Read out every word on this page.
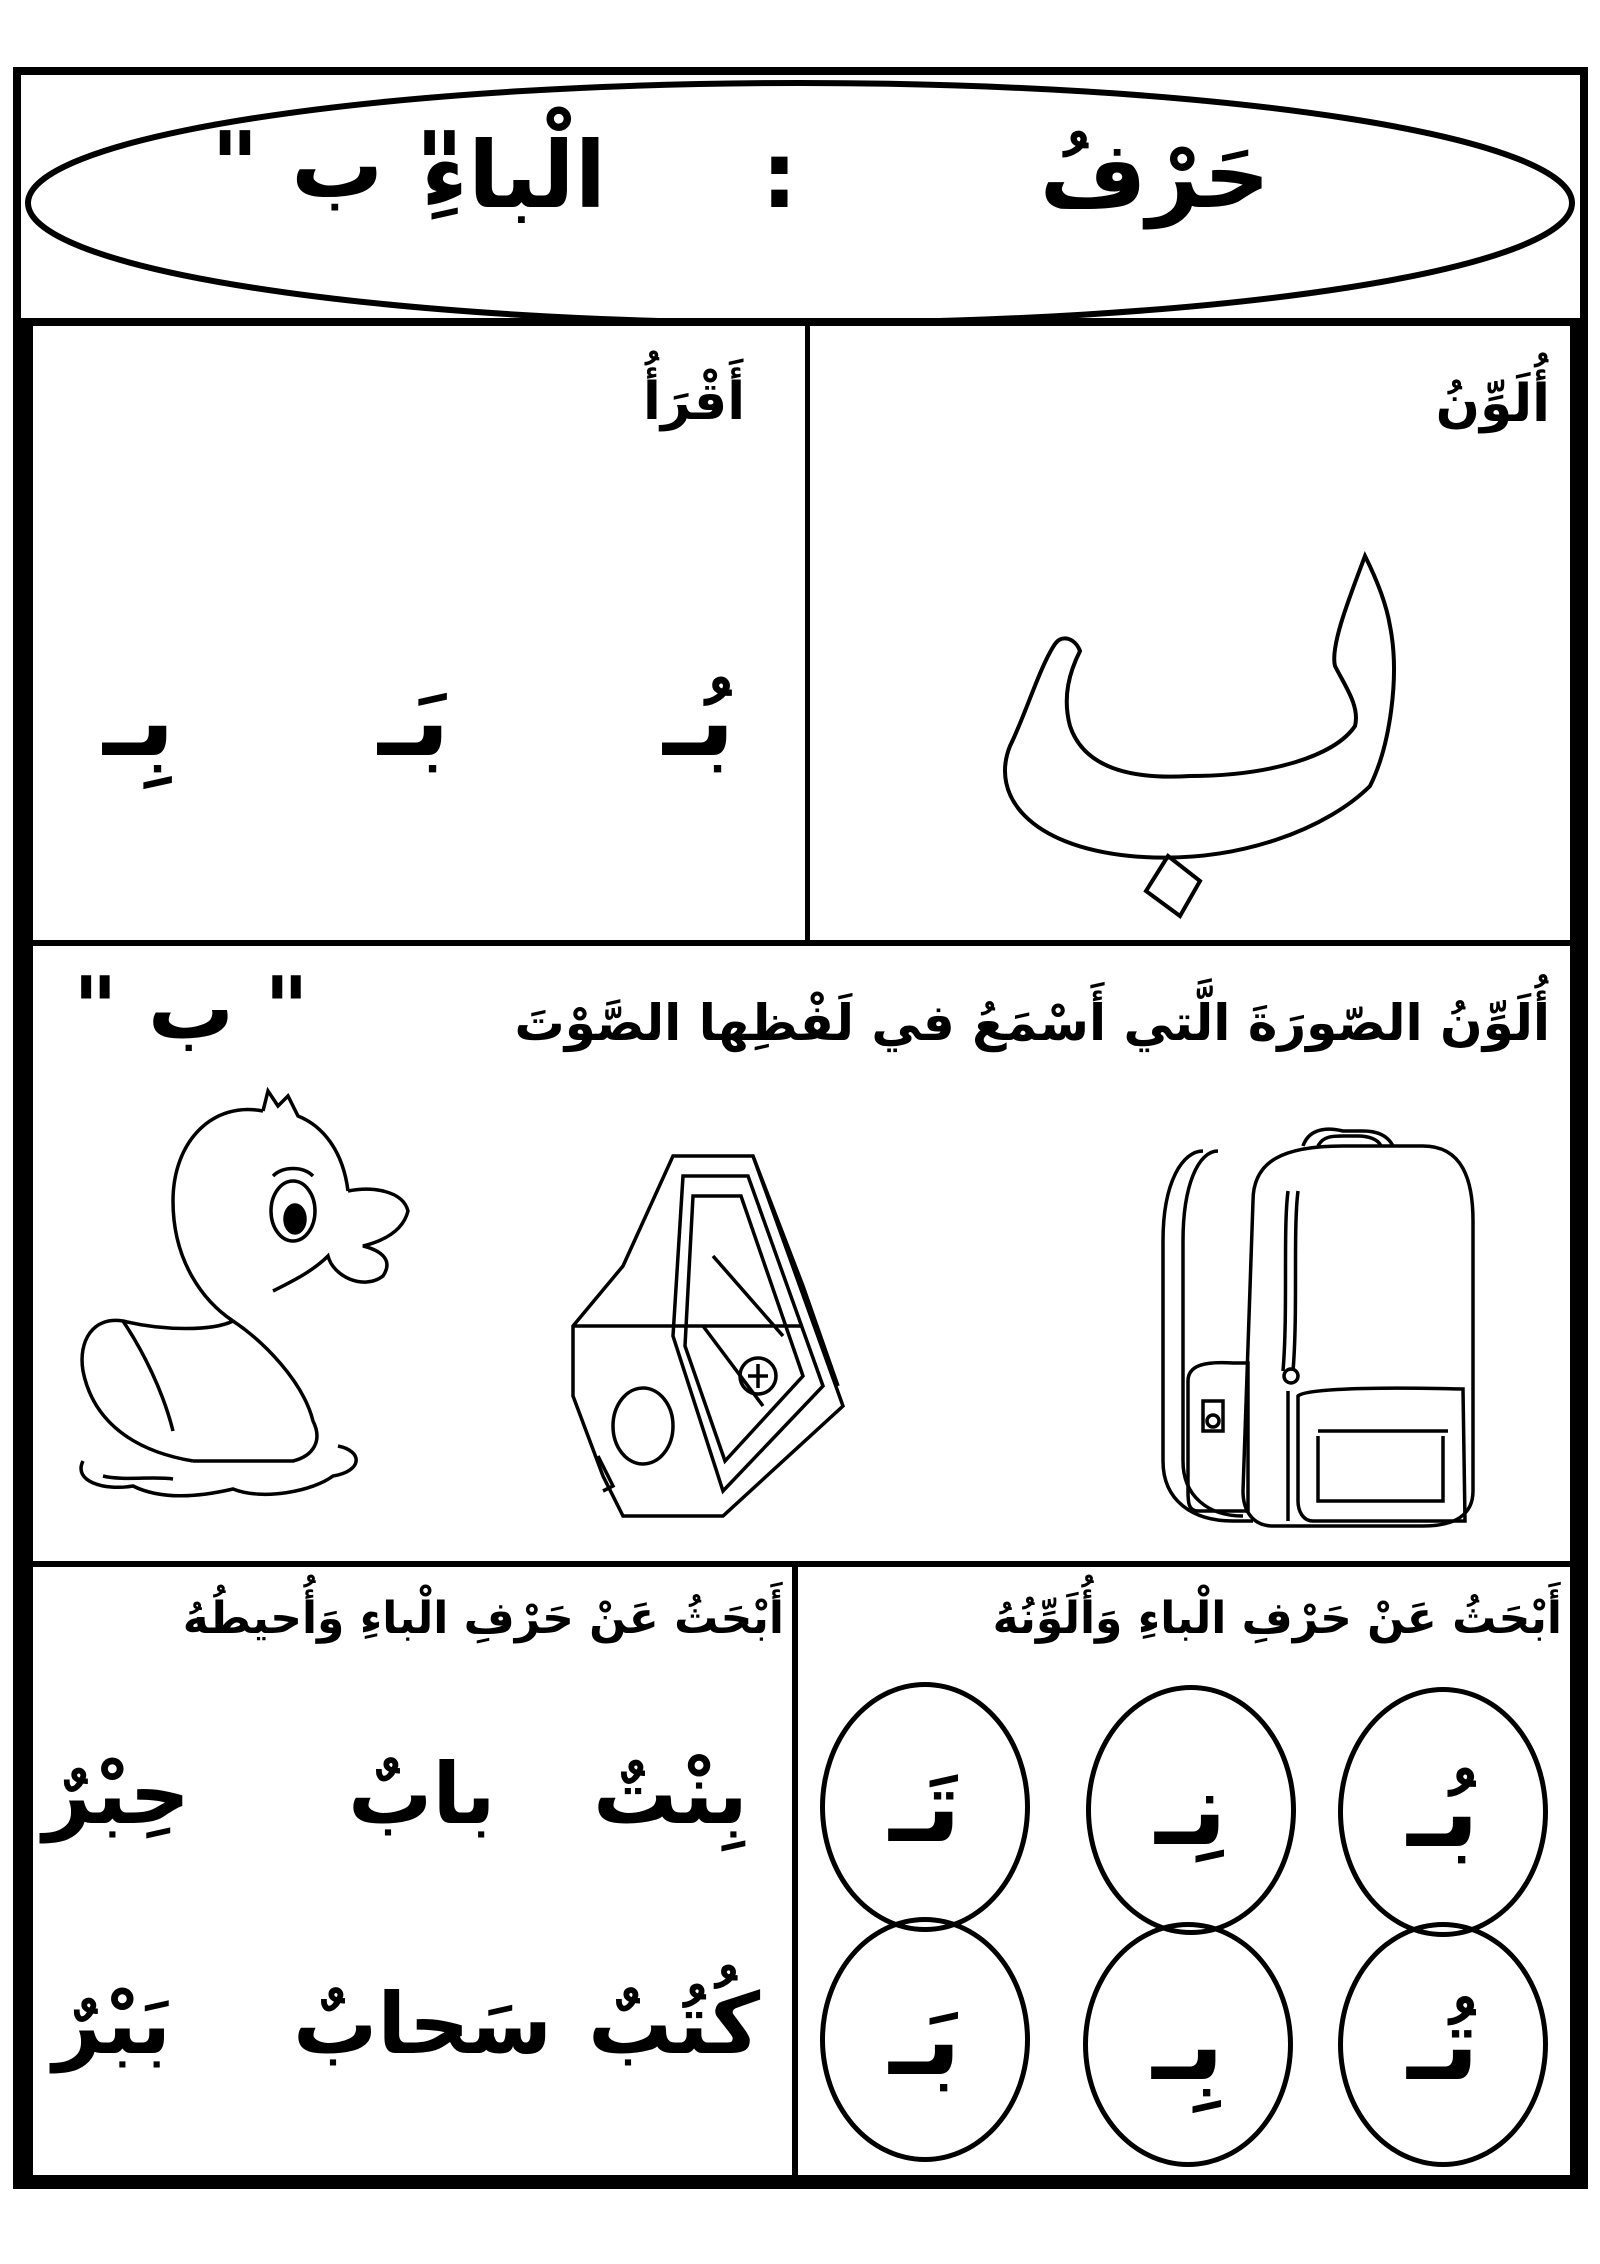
حَرْفُ
:
الْباءِ
" ب "
أُلَوِّنُ
أَقْرَأُ
بُـ
بَـ
بِـ
أُلَوِّنُ الصّورَةَ الَّتي أَسْمَعُ في لَفْظِها الصَّوْتَ
" ب "
أَبْحَثُ عَنْ حَرْفِ الْباءِ وَأُلَوِّنُهُ
بُـ
نِـ
تَـ
تُـ
بِـ
بَـ
أَبْحَثُ عَنْ حَرْفِ الْباءِ وَأُحيطُهُ
بِنْتٌ
بابٌ
حِبْرٌ
كُتُبٌ
سَحابٌ
بَبْرٌ
